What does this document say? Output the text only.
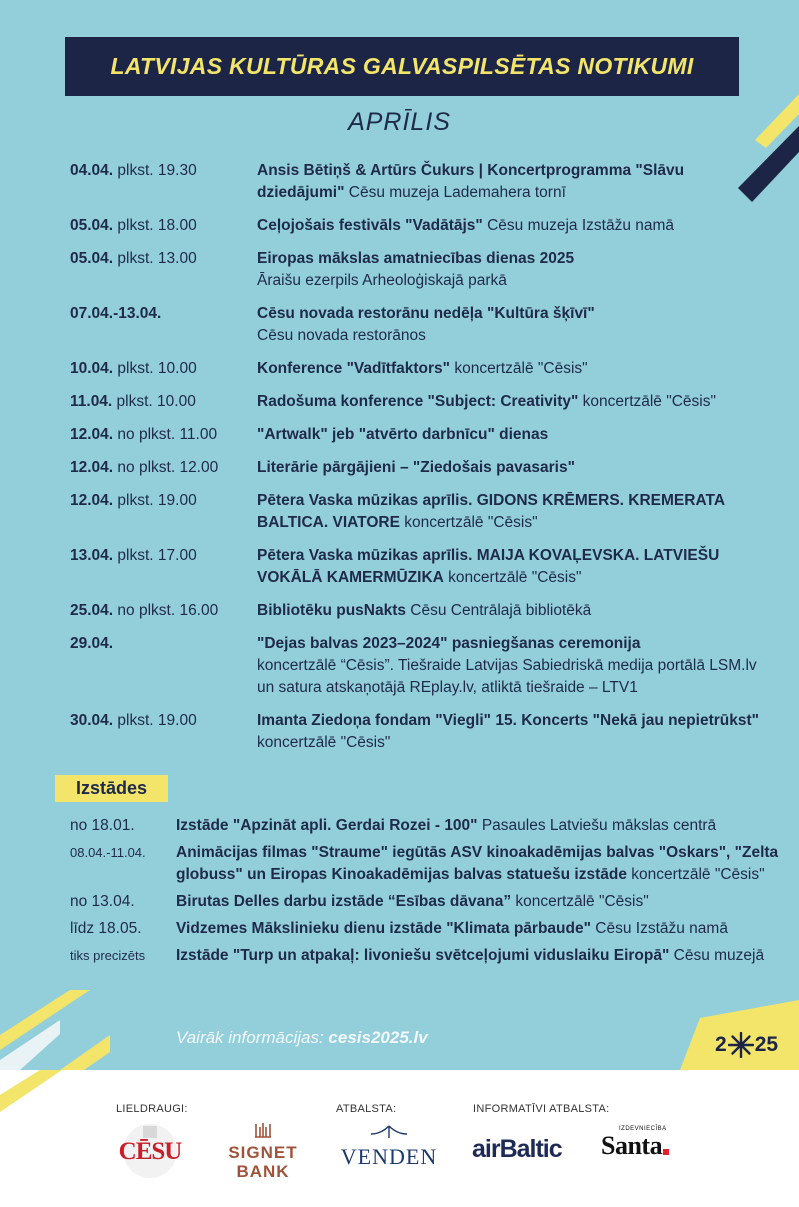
LATVIJAS KULTŪRAS GALVASPILSĒTAS NOTIKUMI
APRĪLIS
04.04. plkst. 19.30	Ansis Bētiņš & Artūrs Čukurs | Koncertprogramma "Slāvu dziedājumi" Cēsu muzeja Lademahera tornī
05.04. plkst. 18.00	Ceļojošais festivāls "Vadātājs" Cēsu muzeja Izstāžu namā
05.04. plkst. 13.00	Eiropas mākslas amatniecības dienas 2025
Āraišu ezerpils Arheoloģiskajā parkā
07.04.-13.04.	Cēsu novada restorānu nedēļa "Kultūra šķīvī"
Cēsu novada restorānos
10.04. plkst. 10.00	Konference "Vadītfaktors" koncertzālē "Cēsis"
11.04. plkst. 10.00	Radošuma konference "Subject: Creativity" koncertzālē "Cēsis"
12.04. no plkst. 11.00	"Artwalk" jeb "atvērto darbnīcu" dienas
12.04. no plkst. 12.00	Literārie pārgājieni – "Ziedošais pavasaris"
12.04. plkst. 19.00	Pētera Vaska mūzikas aprīlis. GIDONS KRĒMERS. KREMERATA BALTICA. VIATORE koncertzālē "Cēsis"
13.04. plkst. 17.00	Pētera Vaska mūzikas aprīlis. MAIJA KOVAĻEVSKA. LATVIEŠU VOKĀLĀ KAMERMŪZIKA koncertzālē "Cēsis"
25.04. no plkst. 16.00	Bibliotēku pusNakts Cēsu Centrālajā bibliotēkā
29.04.	"Dejas balvas 2023–2024" pasniegšanas ceremonija
koncertzālē “Cēsis”. Tiešraide Latvijas Sabiedriskā medija portālā LSM.lv un satura atskaņotājā REplay.lv, atliktā tiešraide – LTV1
30.04. plkst. 19.00	Imanta Ziedoņa fondam "Viegli" 15. Koncerts "Nekā jau nepietrūkst" koncertzālē "Cēsis"
Izstādes
no 18.01.	Izstāde "Apzināt apli. Gerdai Rozei - 100" Pasaules Latviešu mākslas centrā
08.04.-11.04.	Animācijas filmas "Straume" iegūtās ASV kinoakadēmijas balvas "Oskars", "Zelta globuss" un Eiropas Kinoakadēmijas balvas statuešu izstāde koncertzālē "Cēsis"
no 13.04.	Birutas Delles darbu izstāde “Esības dāvana” koncertzālē "Cēsis"
līdz 18.05.	Vidzemes Mākslinieku dienu izstāde "Klimata pārbaude" Cēsu Izstāžu namā
tiks precizēts	Izstāde "Turp un atpakaļ: livoniešu svētceļojumi viduslaiku Eiropā" Cēsu muzejā
Vairāk informācijas: cesis2025.lv	2 25
LIELDRAUGI:	ATBALSTA:	INFORMATĪVI ATBALSTA:
CĒSU	SIGNET
BANK
VENDEN airBaltic
IZDEVNIECĪBA
Santa
